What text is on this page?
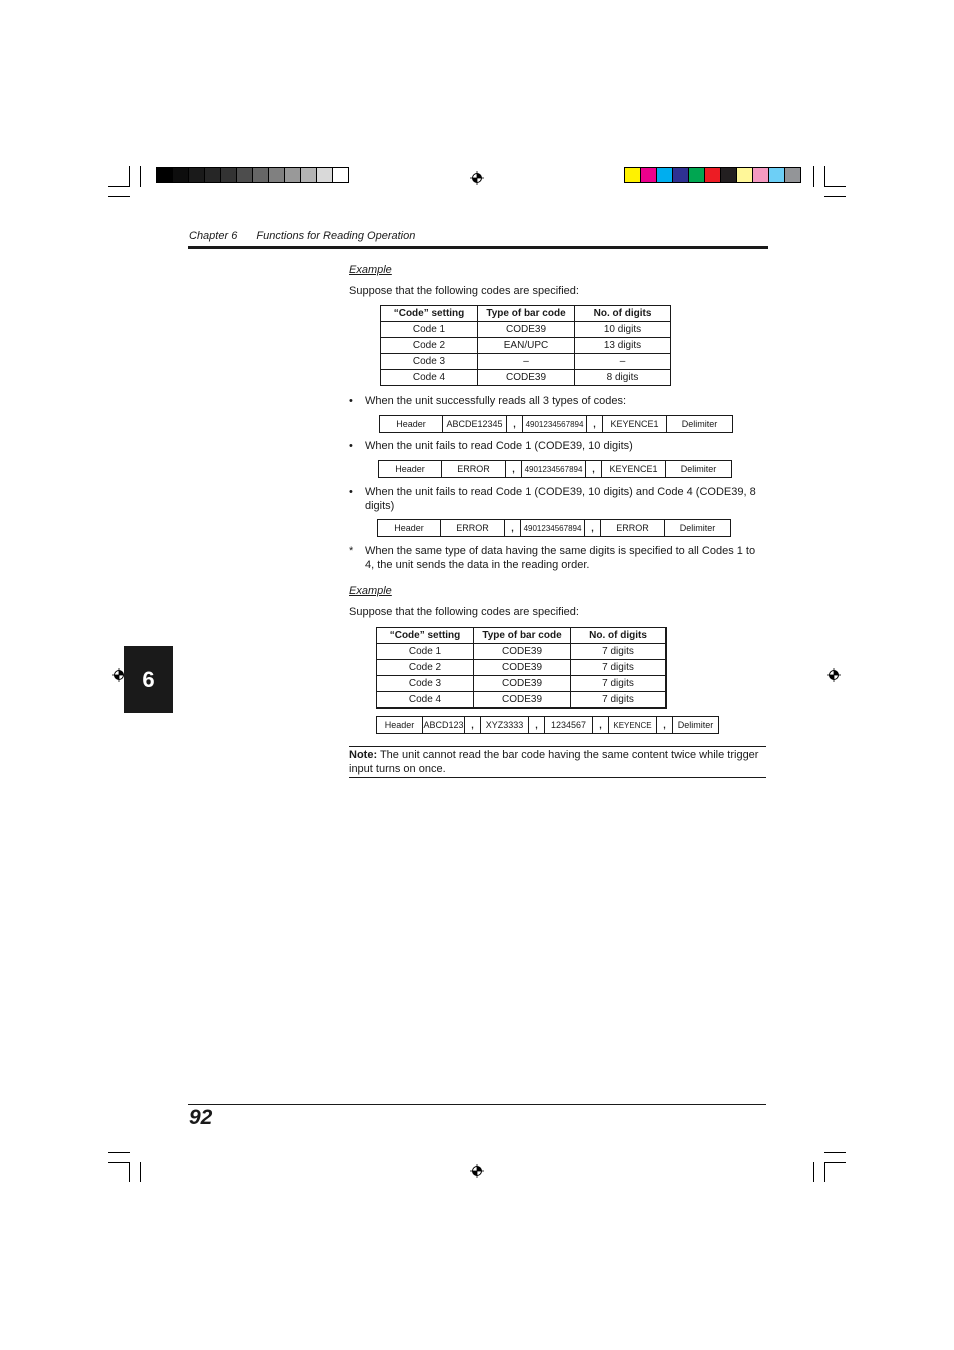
Chapter 6 Functions for Reading Operation
Example
Suppose that the following codes are specified:
“Code” setting	Type of bar code	No. of digits
Code 1	CODE39	10 digits
Code 2	EAN/UPC	13 digits
Code 3	–	–
Code 4	CODE39	8 digits
• When the unit successfully reads all 3 types of codes:
Header	ABCDE12345	,	4901234567894	,	KEYENCE1	Delimiter
• When the unit fails to read Code 1 (CODE39, 10 digits)
Header	ERROR	,	4901234567894	,	KEYENCE1	Delimiter
• When the unit fails to read Code 1 (CODE39, 10 digits) and Code 4 (CODE39, 8 digits)
Header	ERROR	,	4901234567894	,	ERROR	Delimiter
* When the same type of data having the same digits is specified to all Codes 1 to 4, the unit sends the data in the reading order.
Example
Suppose that the following codes are specified:
“Code” setting	Type of bar code	No. of digits
Code 1	CODE39	7 digits
Code 2	CODE39	7 digits
Code 3	CODE39	7 digits
Code 4	CODE39	7 digits
Header	ABCD123 ,	XYZ3333	,	1234567	,	KEYENCE	,	Delimiter
6
Note: The unit cannot read the bar code having the same content twice while trigger input turns on once.
92
